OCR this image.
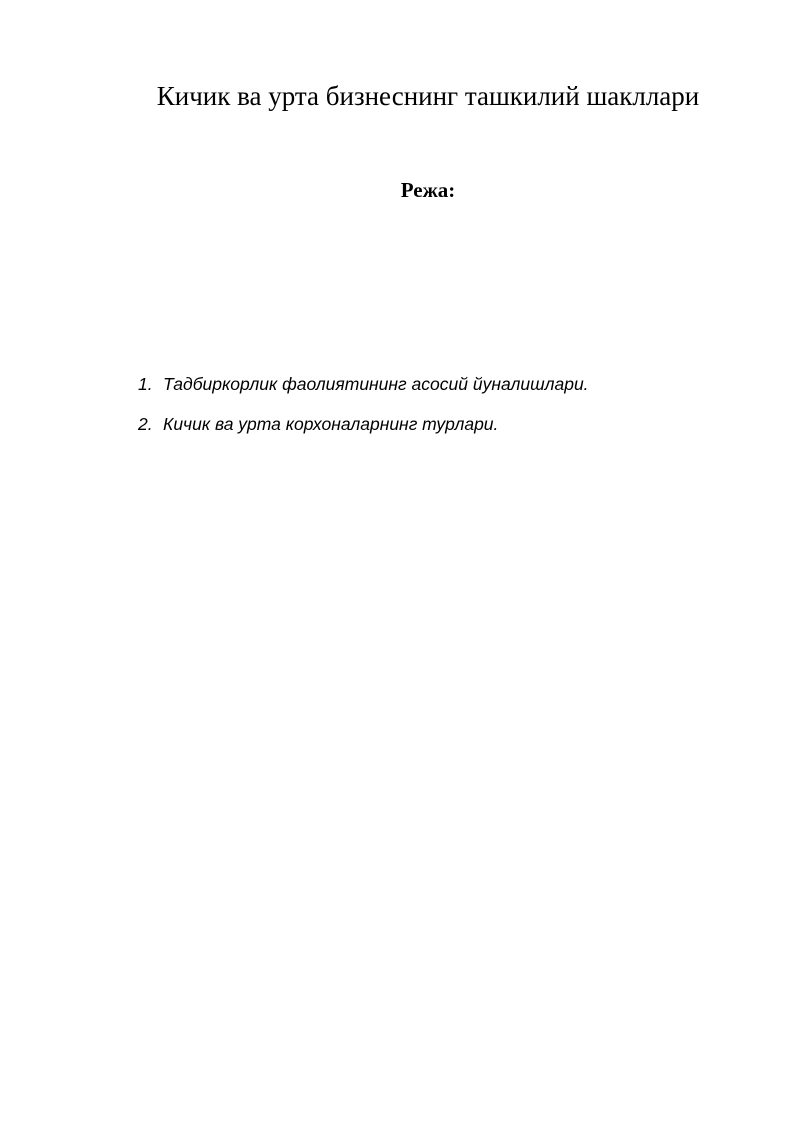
Кичик ва урта бизнеснинг ташкилий шакллари
Режа:
1. Тадбиркорлик фаолиятининг асосий йуналишлари.
2. Кичик ва урта корхоналарнинг турлари.
